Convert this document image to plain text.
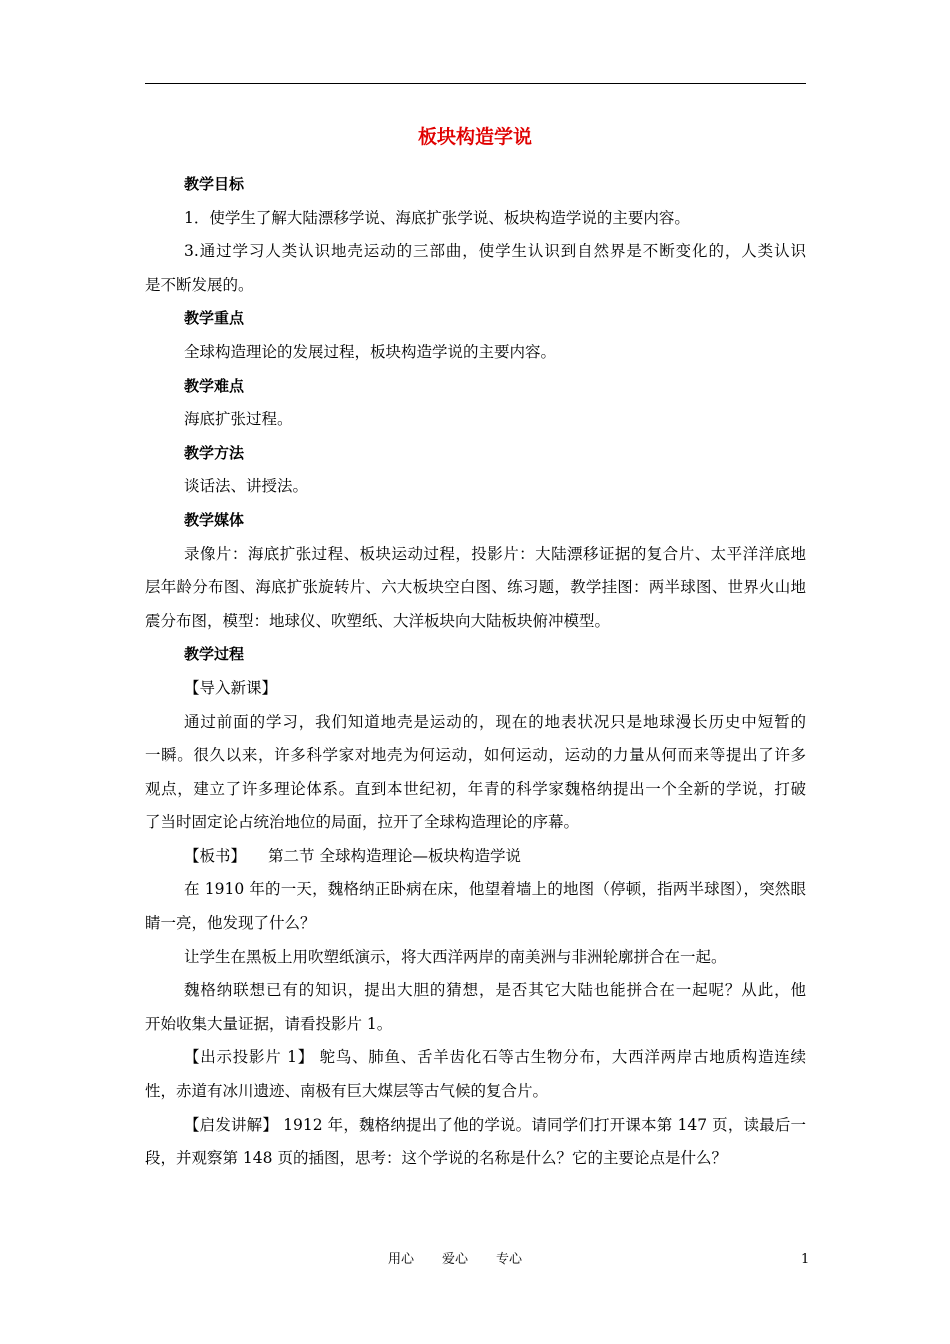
板块构造学说
教学目标
1．使学生了解大陆漂移学说、海底扩张学说、板块构造学说的主要内容。
3.通过学习人类认识地壳运动的三部曲，使学生认识到自然界是不断变化的，人类认识
是不断发展的。
教学重点
全球构造理论的发展过程，板块构造学说的主要内容。
教学难点
海底扩张过程。
教学方法
谈话法、讲授法。
教学媒体
录像片：海底扩张过程、板块运动过程，投影片：大陆漂移证据的复合片、太平洋洋底地
层年龄分布图、海底扩张旋转片、六大板块空白图、练习题，教学挂图：两半球图、世界火山地
震分布图，模型：地球仪、吹塑纸、大洋板块向大陆板块俯冲模型。
教学过程
【导入新课】
通过前面的学习，我们知道地壳是运动的，现在的地表状况只是地球漫长历史中短暂的
一瞬。很久以来，许多科学家对地壳为何运动，如何运动，运动的力量从何而来等提出了许多
观点，建立了许多理论体系。直到本世纪初，年青的科学家魏格纳提出一个全新的学说，打破
了当时固定论占统治地位的局面，拉开了全球构造理论的序幕。
【板书】 第二节 全球构造理论—板块构造学说
在 1910 年的一天，魏格纳正卧病在床，他望着墙上的地图（停顿，指两半球图），突然眼
睛一亮，他发现了什么？
让学生在黑板上用吹塑纸演示，将大西洋两岸的南美洲与非洲轮廓拼合在一起。
魏格纳联想已有的知识，提出大胆的猜想，是否其它大陆也能拼合在一起呢？从此，他
开始收集大量证据，请看投影片 1。
【出示投影片 1】 鸵鸟、肺鱼、舌羊齿化石等古生物分布，大西洋两岸古地质构造连续
性，赤道有冰川遗迹、南极有巨大煤层等古气候的复合片。
【启发讲解】 1912 年，魏格纳提出了他的学说。请同学们打开课本第 147 页，读最后一
段，并观察第 148 页的插图，思考：这个学说的名称是什么？它的主要论点是什么？
用心 爱心 专心	1
